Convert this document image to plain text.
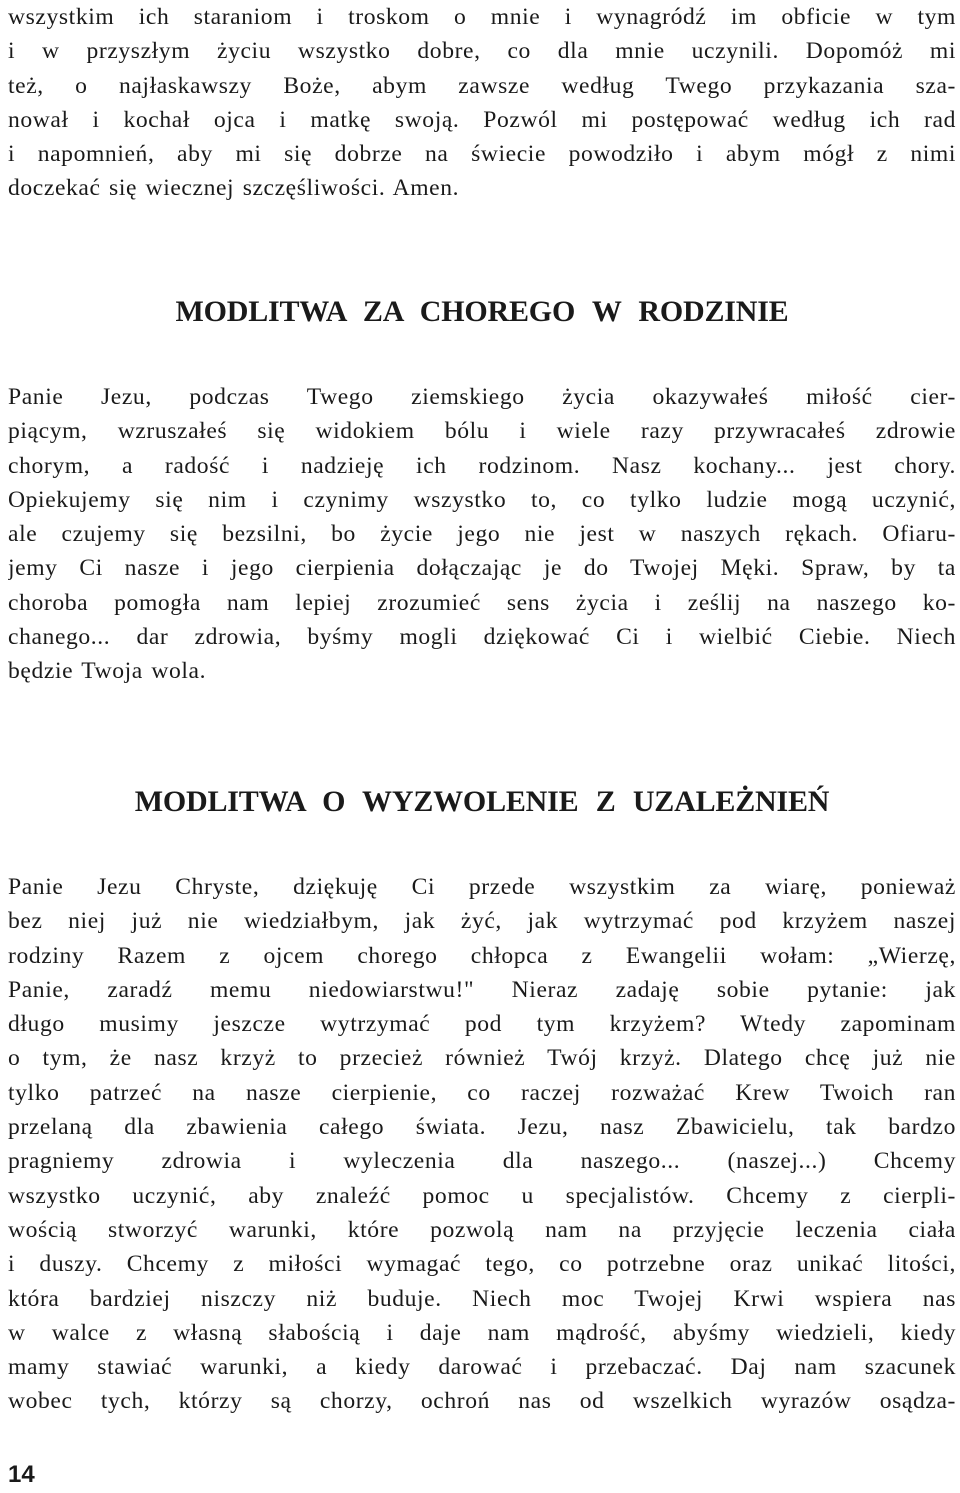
wszystkim ich staraniom i troskom o mnie i wynagródź im obficie w tym
i w przyszłym życiu wszystko dobre, co dla mnie uczynili. Dopomóż mi
też, o najłaskawszy Boże, abym zawsze według Twego przykazania sza-
nował i kochał ojca i matkę swoją. Pozwól mi postępować według ich rad
i napomnień, aby mi się dobrze na świecie powodziło i abym mógł z nimi
doczekać się wiecznej szczęśliwości. Amen.
MODLITWA ZA CHOREGO W RODZINIE
Panie Jezu, podczas Twego ziemskiego życia okazywałeś miłość cier-
piącym, wzruszałeś się widokiem bólu i wiele razy przywracałeś zdrowie
chorym, a radość i nadzieję ich rodzinom. Nasz kochany... jest chory.
Opiekujemy się nim i czynimy wszystko to, co tylko ludzie mogą uczynić,
ale czujemy się bezsilni, bo życie jego nie jest w naszych rękach. Ofiaru-
jemy Ci nasze i jego cierpienia dołączając je do Twojej Męki. Spraw, by ta
choroba pomogła nam lepiej zrozumieć sens życia i ześlij na naszego ko-
chanego... dar zdrowia, byśmy mogli dziękować Ci i wielbić Ciebie. Niech
będzie Twoja wola.
MODLITWA O WYZWOLENIE Z UZALEŻNIEŃ
Panie Jezu Chryste, dziękuję Ci przede wszystkim za wiarę, ponieważ
bez niej już nie wiedziałbym, jak żyć, jak wytrzymać pod krzyżem naszej
rodziny Razem z ojcem chorego chłopca z Ewangelii wołam: „Wierzę,
Panie, zaradź memu niedowiarstwu!" Nieraz zadaję sobie pytanie: jak
długo musimy jeszcze wytrzymać pod tym krzyżem? Wtedy zapominam
o tym, że nasz krzyż to przecież również Twój krzyż. Dlatego chcę już nie
tylko patrzeć na nasze cierpienie, co raczej rozważać Krew Twoich ran
przelaną dla zbawienia całego świata. Jezu, nasz Zbawicielu, tak bardzo
pragniemy zdrowia i wyleczenia dla naszego... (naszej...) Chcemy
wszystko uczynić, aby znaleźć pomoc u specjalistów. Chcemy z cierpli-
wością stworzyć warunki, które pozwolą nam na przyjęcie leczenia ciała
i duszy. Chcemy z miłości wymagać tego, co potrzebne oraz unikać litości,
która bardziej niszczy niż buduje. Niech moc Twojej Krwi wspiera nas
w walce z własną słabością i daje nam mądrość, abyśmy wiedzieli, kiedy
mamy stawiać warunki, a kiedy darować i przebaczać. Daj nam szacunek
wobec tych, którzy są chorzy, ochroń nas od wszelkich wyrazów osądza-
14
